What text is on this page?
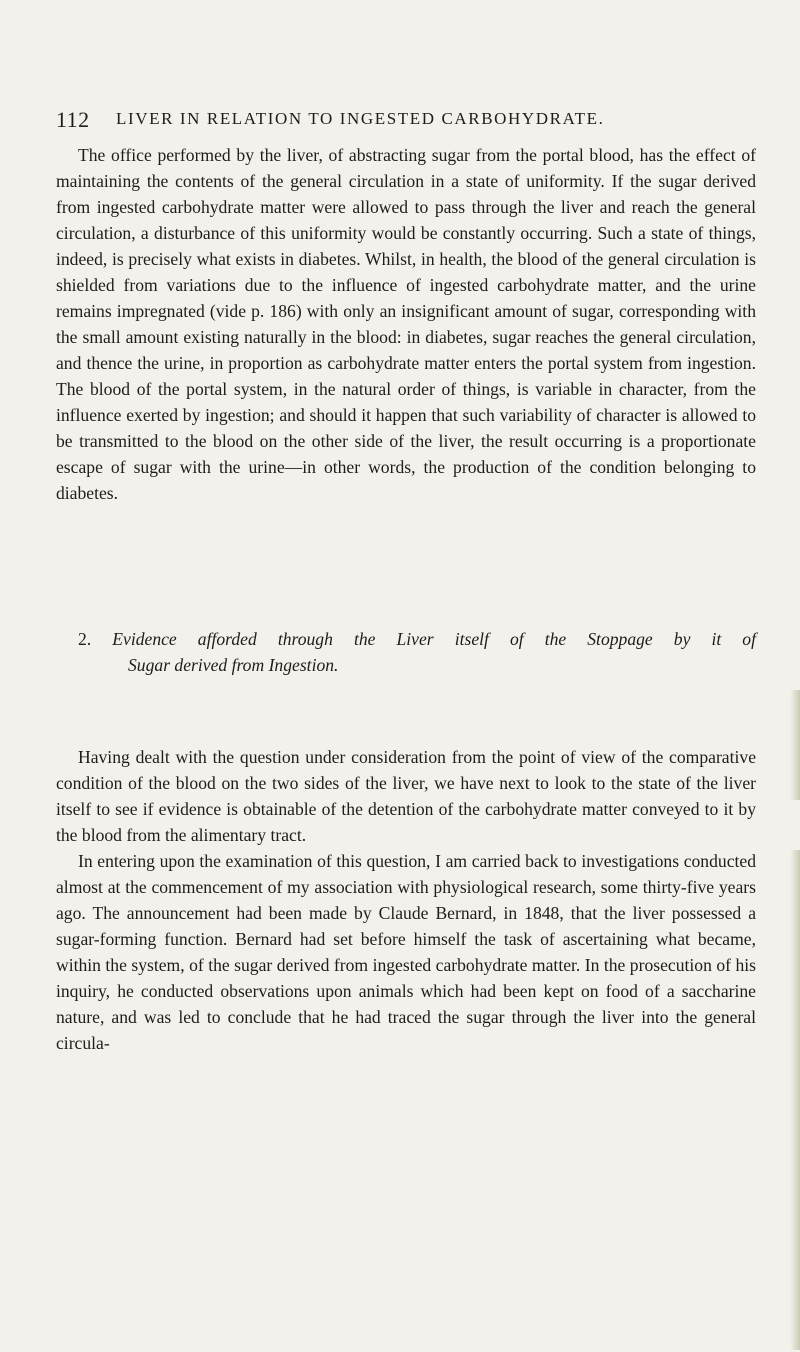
112 LIVER IN RELATION TO INGESTED CARBOHYDRATE.

The office performed by the liver, of abstracting sugar from the portal blood, has the effect of maintaining the contents of the general circulation in a state of uniformity. If the sugar derived from ingested carbohydrate matter were allowed to pass through the liver and reach the general circulation, a disturbance of this uniformity would be constantly occurring. Such a state of things, indeed, is precisely what exists in diabetes. Whilst, in health, the blood of the general circulation is shielded from variations due to the influence of ingested carbohydrate matter, and the urine remains impregnated (vide p. 186) with only an insignificant amount of sugar, corresponding with the small amount existing naturally in the blood: in diabetes, sugar reaches the general circulation, and thence the urine, in proportion as carbohydrate matter enters the portal system from ingestion. The blood of the portal system, in the natural order of things, is variable in character, from the influence exerted by ingestion; and should it happen that such variability of character is allowed to be transmitted to the blood on the other side of the liver, the result occurring is a proportionate escape of sugar with the urine—in other words, the production of the condition belonging to diabetes.

2. Evidence afforded through the Liver itself of the Stoppage by it of
Sugar derived from Ingestion.

Having dealt with the question under consideration from the point of view of the comparative condition of the blood on the two sides of the liver, we have next to look to the state of the liver itself to see if evidence is obtainable of the detention of the carbohydrate matter conveyed to it by the blood from the alimentary tract.

In entering upon the examination of this question, I am carried back to investigations conducted almost at the commencement of my association with physiological research, some thirty-five years ago. The announcement had been made by Claude Bernard, in 1848, that the liver possessed a sugar-forming function. Bernard had set before himself the task of ascertaining what became, within the system, of the sugar derived from ingested carbohydrate matter. In the prosecution of his inquiry, he conducted observations upon animals which had been kept on food of a saccharine nature, and was led to conclude that he had traced the sugar through the liver into the general circula-
